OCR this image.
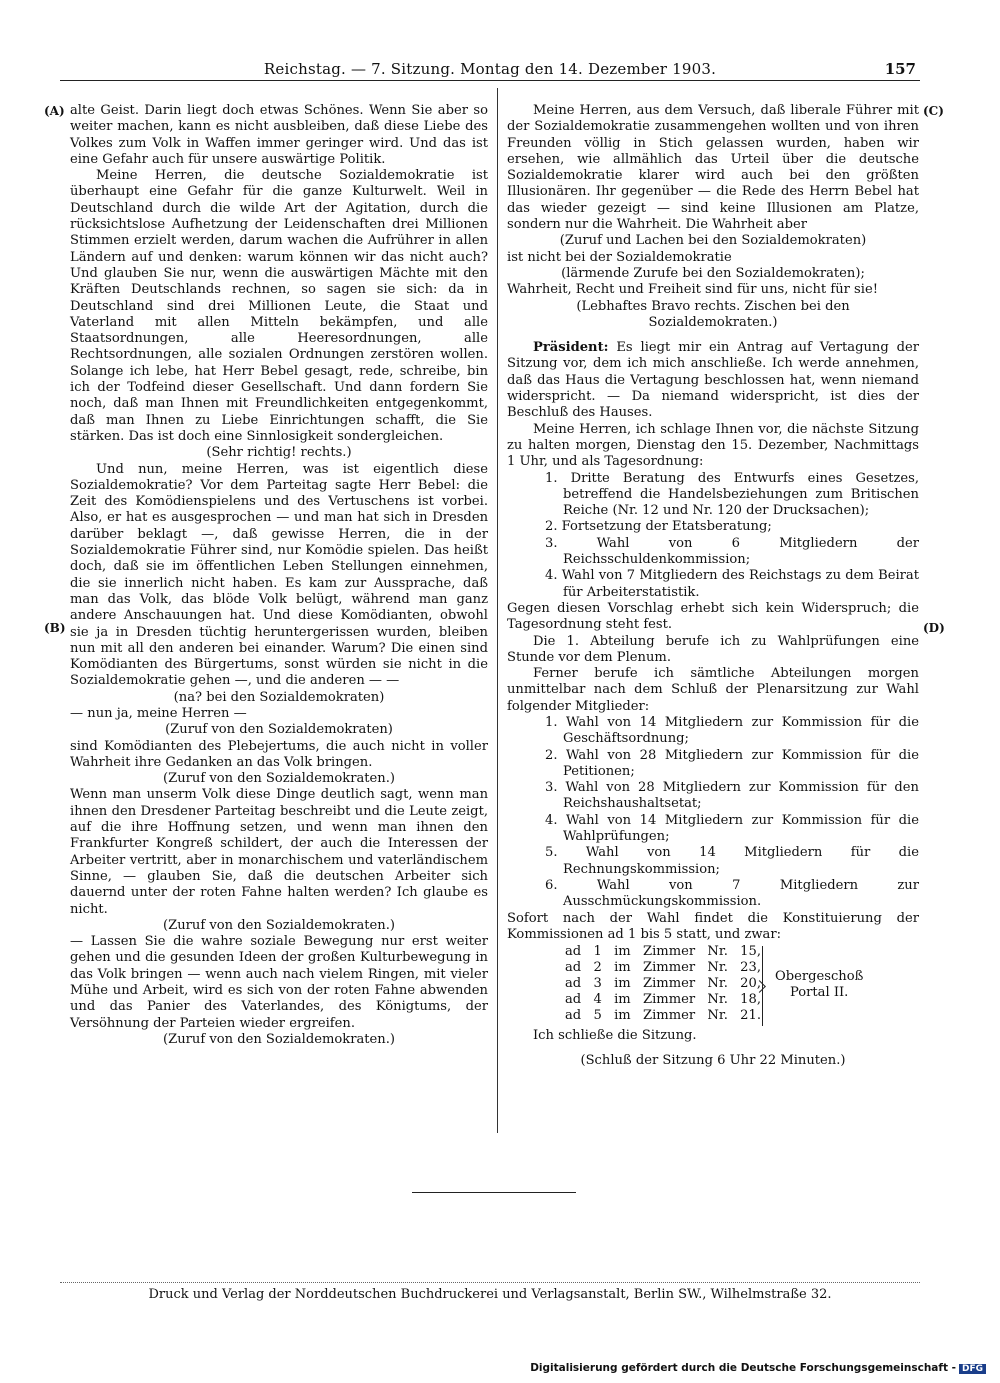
Reichstag. — 7. Sitzung. Montag den 14. Dezember 1903.	157
(A)
(B)
(C)
(D)

alte Geist. Darin liegt doch etwas Schönes. Wenn Sie aber so weiter machen, kann es nicht ausbleiben, daß diese Liebe des Volkes zum Volk in Waffen immer geringer wird. Und das ist eine Gefahr auch für unsere auswärtige Politik.

Meine Herren, die deutsche Sozialdemokratie ist überhaupt eine Gefahr für die ganze Kulturwelt. Weil in Deutschland durch die wilde Art der Agitation, durch die rücksichtslose Aufhetzung der Leidenschaften drei Millionen Stimmen erzielt werden, darum wachen die Aufrührer in allen Ländern auf und denken: warum können wir das nicht auch? Und glauben Sie nur, wenn die auswärtigen Mächte mit den Kräften Deutschlands rechnen, so sagen sie sich: da in Deutschland sind drei Millionen Leute, die Staat und Vaterland mit allen Mitteln bekämpfen, und alle Staatsordnungen, alle Heeresordnungen, alle Rechtsordnungen, alle sozialen Ordnungen zerstören wollen. Solange ich lebe, hat Herr Bebel gesagt, rede, schreibe, bin ich der Todfeind dieser Gesellschaft. Und dann fordern Sie noch, daß man Ihnen mit Freundlichkeiten entgegenkommt, daß man Ihnen zu Liebe Einrichtungen schafft, die Sie stärken. Das ist doch eine Sinnlosigkeit sondergleichen.

(Sehr richtig! rechts.)

Und nun, meine Herren, was ist eigentlich diese Sozialdemokratie? Vor dem Parteitag sagte Herr Bebel: die Zeit des Komödienspielens und des Vertuschens ist vorbei. Also, er hat es ausgesprochen — und man hat sich in Dresden darüber beklagt —, daß gewisse Herren, die in der Sozialdemokratie Führer sind, nur Komödie spielen. Das heißt doch, daß sie im öffentlichen Leben Stellungen einnehmen, die sie innerlich nicht haben. Es kam zur Aussprache, daß man das Volk, das blöde Volk belügt, während man ganz andere Anschauungen hat. Und diese Komödianten, obwohl sie ja in Dresden tüchtig heruntergerissen wurden, bleiben nun mit all den anderen bei einander. Warum? Die einen sind Komödianten des Bürgertums, sonst würden sie nicht in die Sozialdemokratie gehen —, und die anderen — —

(na? bei den Sozialdemokraten)

— nun ja, meine Herren —

(Zuruf von den Sozialdemokraten)

sind Komödianten des Plebejertums, die auch nicht in voller Wahrheit ihre Gedanken an das Volk bringen.

(Zuruf von den Sozialdemokraten.)

Wenn man unserm Volk diese Dinge deutlich sagt, wenn man ihnen den Dresdener Parteitag beschreibt und die Leute zeigt, auf die ihre Hoffnung setzen, und wenn man ihnen den Frankfurter Kongreß schildert, der auch die Interessen der Arbeiter vertritt, aber in monarchischem und vaterländischem Sinne, — glauben Sie, daß die deutschen Arbeiter sich dauernd unter der roten Fahne halten werden? Ich glaube es nicht.

(Zuruf von den Sozialdemokraten.)

— Lassen Sie die wahre soziale Bewegung nur erst weiter gehen und die gesunden Ideen der großen Kulturbewegung in das Volk bringen — wenn auch nach vielem Ringen, mit vieler Mühe und Arbeit, wird es sich von der roten Fahne abwenden und das Panier des Vaterlandes, des Königtums, der Versöhnung der Parteien wieder ergreifen.

(Zuruf von den Sozialdemokraten.)

Meine Herren, aus dem Versuch, daß liberale Führer mit der Sozialdemokratie zusammengehen wollten und von ihren Freunden völlig in Stich gelassen wurden, haben wir ersehen, wie allmählich das Urteil über die deutsche Sozialdemokratie klarer wird auch bei den größten Illusionären. Ihr gegenüber — die Rede des Herrn Bebel hat das wieder gezeigt — sind keine Illusionen am Platze, sondern nur die Wahrheit. Die Wahrheit aber

(Zuruf und Lachen bei den Sozialdemokraten)

ist nicht bei der Sozialdemokratie

(lärmende Zurufe bei den Sozialdemokraten);

Wahrheit, Recht und Freiheit sind für uns, nicht für sie!

(Lebhaftes Bravo rechts. Zischen bei den Sozialdemokraten.)

Präsident: Es liegt mir ein Antrag auf Vertagung der Sitzung vor, dem ich mich anschließe. Ich werde annehmen, daß das Haus die Vertagung beschlossen hat, wenn niemand widerspricht. — Da niemand widerspricht, ist dies der Beschluß des Hauses.

Meine Herren, ich schlage Ihnen vor, die nächste Sitzung zu halten morgen, Dienstag den 15. Dezember, Nachmittags 1 Uhr, und als Tagesordnung:

1. Dritte Beratung des Entwurfs eines Gesetzes, betreffend die Handelsbeziehungen zum Britischen Reiche (Nr. 12 und Nr. 120 der Drucksachen);
2. Fortsetzung der Etatsberatung;
3. Wahl von 6 Mitgliedern der Reichsschuldenkommission;
4. Wahl von 7 Mitgliedern des Reichstags zu dem Beirat für Arbeiterstatistik.

Gegen diesen Vorschlag erhebt sich kein Widerspruch; die Tagesordnung steht fest.

Die 1. Abteilung berufe ich zu Wahlprüfungen eine Stunde vor dem Plenum.

Ferner berufe ich sämtliche Abteilungen morgen unmittelbar nach dem Schluß der Plenarsitzung zur Wahl folgender Mitglieder:

1. Wahl von 14 Mitgliedern zur Kommission für die Geschäftsordnung;
2. Wahl von 28 Mitgliedern zur Kommission für die Petitionen;
3. Wahl von 28 Mitgliedern zur Kommission für den Reichshaushaltsetat;
4. Wahl von 14 Mitgliedern zur Kommission für die Wahlprüfungen;
5. Wahl von 14 Mitgliedern für die Rechnungskommission;
6. Wahl von 7 Mitgliedern zur Ausschmückungskommission.

Sofort nach der Wahl findet die Konstituierung der Kommissionen ad 1 bis 5 statt, und zwar:

ad 1 im Zimmer Nr. 15,
ad 2 im Zimmer Nr. 23,
ad 3 im Zimmer Nr. 20,
ad 4 im Zimmer Nr. 18,
ad 5 im Zimmer Nr. 21.
Obergeschoß
Portal II.

Ich schließe die Sitzung.

(Schluß der Sitzung 6 Uhr 22 Minuten.)

Druck und Verlag der Norddeutschen Buchdruckerei und Verlagsanstalt, Berlin SW., Wilhelmstraße 32.
Digitalisierung gefördert durch die Deutsche Forschungsgemeinschaft - DFG
